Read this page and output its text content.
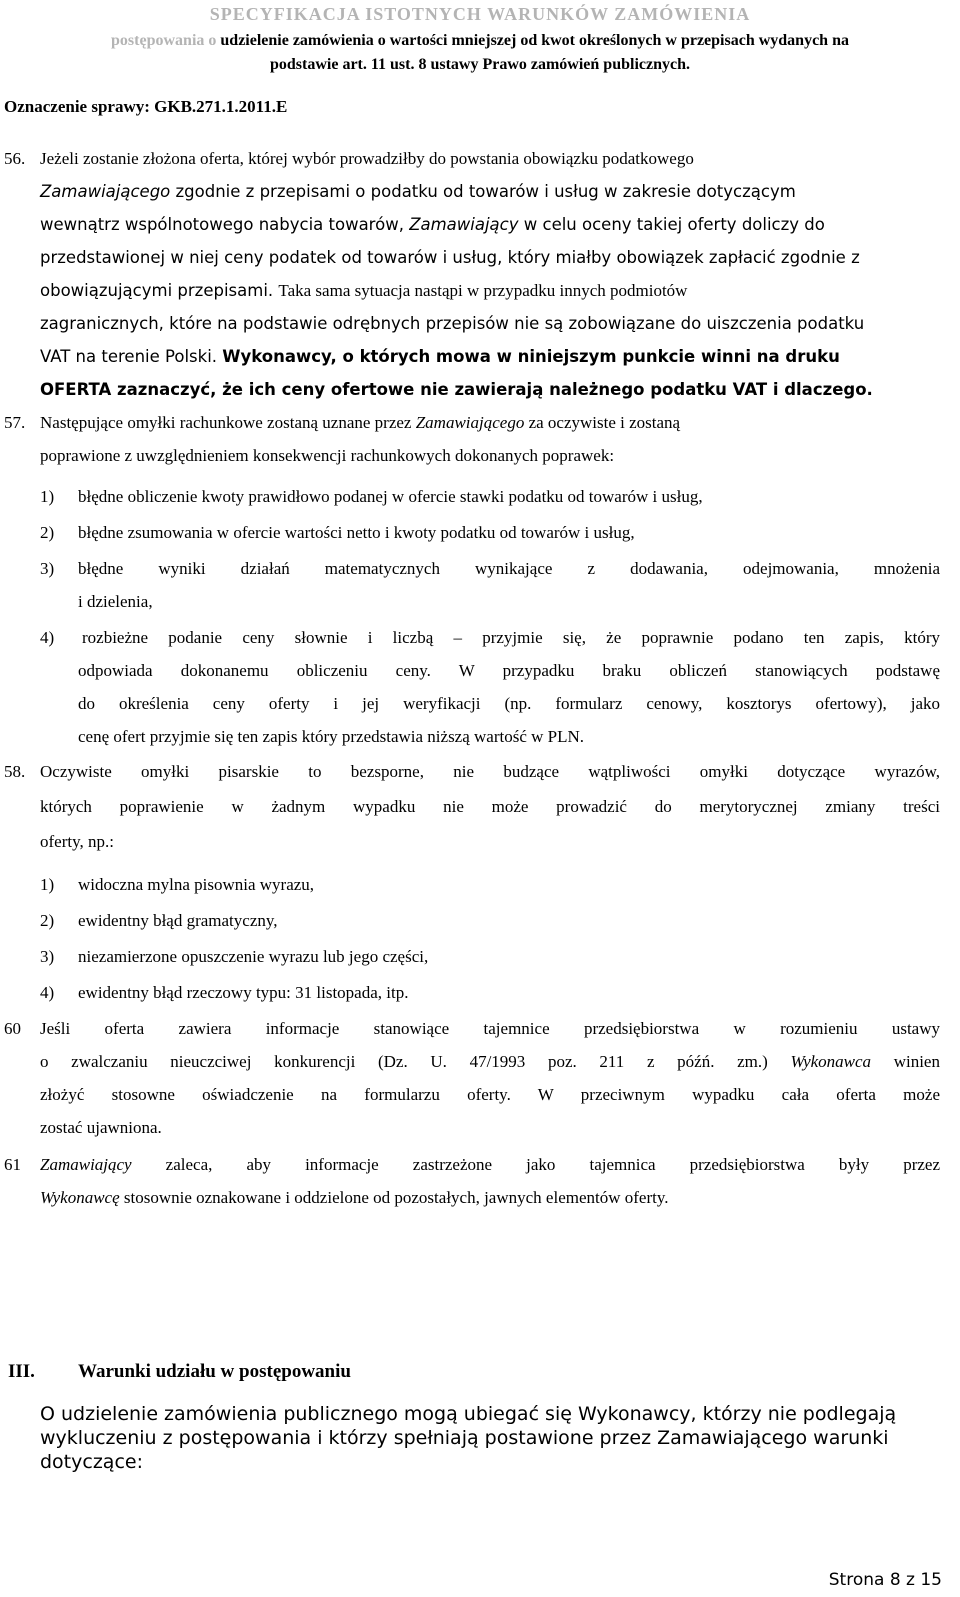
SPECYFIKACJA ISTOTNYCH WARUNKÓW ZAMÓWIENIA
postępowania o udzielenie zamówienia o wartości mniejszej od kwot określonych w przepisach wydanych na
podstawie art. 11 ust. 8 ustawy Prawo zamówień publicznych.
Oznaczenie sprawy: GKB.271.1.2011.E
56. Jeżeli zostanie złożona oferta, której wybór prowadziłby do powstania obowiązku podatkowego
Zamawiającego zgodnie z przepisami o podatku od towarów i usług w zakresie dotyczącym
wewnątrz wspólnotowego nabycia towarów, Zamawiający w celu oceny takiej oferty doliczy do
przedstawionej w niej ceny podatek od towarów i usług, który miałby obowiązek zapłacić zgodnie z
obowiązującymi przepisami. Taka sama sytuacja nastąpi w przypadku innych podmiotów
zagranicznych, które na podstawie odrębnych przepisów nie są zobowiązane do uiszczenia podatku
VAT na terenie Polski. Wykonawcy, o których mowa w niniejszym punkcie winni na druku
OFERTA zaznaczyć, że ich ceny ofertowe nie zawierają należnego podatku VAT i dlaczego.
57. Następujące omyłki rachunkowe zostaną uznane przez Zamawiającego za oczywiste i zostaną
poprawione z uwzględnieniem konsekwencji rachunkowych dokonanych poprawek:
1) błędne obliczenie kwoty prawidłowo podanej w ofercie stawki podatku od towarów i usług,
2) błędne zsumowania w ofercie wartości netto i kwoty podatku od towarów i usług,
3) błędne wyniki działań matematycznych wynikające z dodawania, odejmowania, mnożenia
i dzielenia,
4) rozbieżne podanie ceny słownie i liczbą – przyjmie się, że poprawnie podano ten zapis, który
odpowiada dokonanemu obliczeniu ceny. W przypadku braku obliczeń stanowiących podstawę
do określenia ceny oferty i jej weryfikacji (np. formularz cenowy, kosztorys ofertowy), jako
cenę ofert przyjmie się ten zapis który przedstawia niższą wartość w PLN.
58. Oczywiste omyłki pisarskie to bezsporne, nie budzące wątpliwości omyłki dotyczące wyrazów,
których poprawienie w żadnym wypadku nie może prowadzić do merytorycznej zmiany treści
oferty, np.:
1) widoczna mylna pisownia wyrazu,
2) ewidentny błąd gramatyczny,
3) niezamierzone opuszczenie wyrazu lub jego części,
4) ewidentny błąd rzeczowy typu: 31 listopada, itp.
60 Jeśli oferta zawiera informacje stanowiące tajemnice przedsiębiorstwa w rozumieniu ustawy
o zwalczaniu nieuczciwej konkurencji (Dz. U. 47/1993 poz. 211 z późń. zm.) Wykonawca winien
złożyć stosowne oświadczenie na formularzu oferty. W przeciwnym wypadku cała oferta może
zostać ujawniona.
61 Zamawiający zaleca, aby informacje zastrzeżone jako tajemnica przedsiębiorstwa były przez
Wykonawcę stosownie oznakowane i oddzielone od pozostałych, jawnych elementów oferty.
III. Warunki udziału w postępowaniu
O udzielenie zamówienia publicznego mogą ubiegać się Wykonawcy, którzy nie podlegają wykluczeniu z postępowania i którzy spełniają postawione przez Zamawiającego warunki dotyczące:
Strona 8 z 15
